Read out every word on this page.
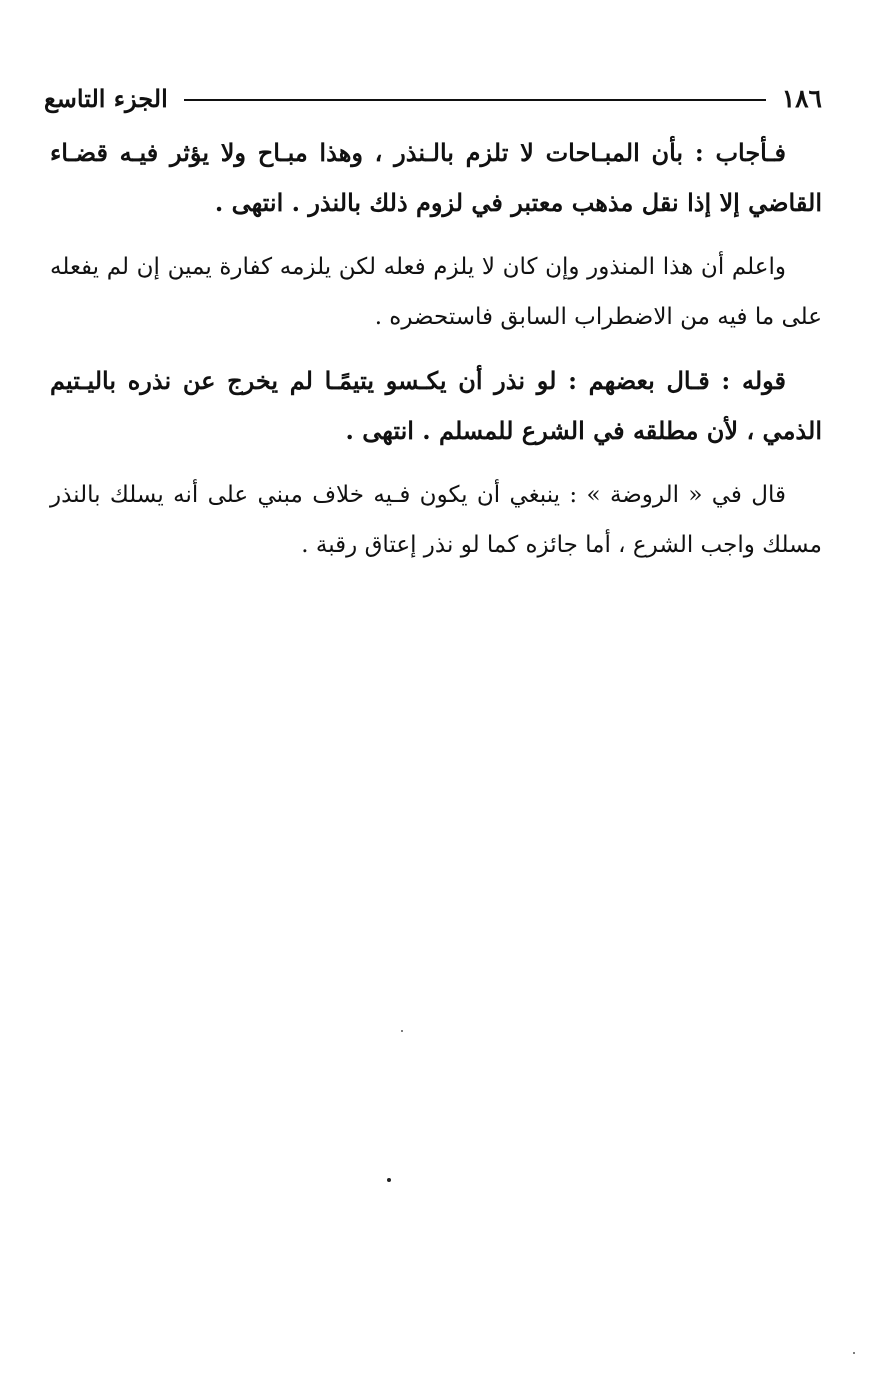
١٨٦
الجزء التاسع

فـأجاب : بأن المبـاحات لا تلزم بالـنذر ، وهذا مبـاح ولا يؤثر فيـه قضـاء القاضي إلا إذا نقل مذهب معتبر في لزوم ذلك بالنذر . انتهى .

واعلم أن هذا المنذور وإن كان لا يلزم فعله لكن يلزمه كفارة يمين إن لم يفعله على ما فيه من الاضطراب السابق فاستحضره .

قوله : قـال بعضهم : لو نذر أن يكـسو يتيمًـا لم يخرج عن نذره باليـتيم الذمي ، لأن مطلقه في الشرع للمسلم . انتهى .

قال في « الروضة » : ينبغي أن يكون فـيه خلاف مبني على أنه يسلك بالنذر مسلك واجب الشرع ، أما جائزه كما لو نذر إعتاق رقبة .
